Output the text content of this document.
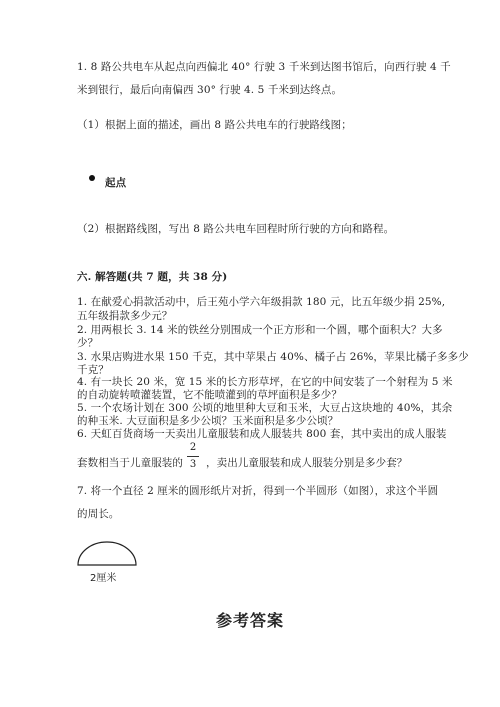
1. 8 路公共电车从起点向西偏北 40° 行驶 3 千米到达图书馆后，向西行驶 4 千
米到银行，最后向南偏西 30° 行驶 4. 5 千米到达终点。
（1）根据上面的描述，画出 8 路公共电车的行驶路线图；
起点
（2）根据路线图，写出 8 路公共电车回程时所行驶的方向和路程。
六. 解答题(共 7 题，共 38 分)
1. 在献爱心捐款活动中，后王苑小学六年级捐款 180 元，比五年级少捐 25%,
五年级捐款多少元？
2. 用两根长 3. 14 米的铁丝分别围成一个正方形和一个圆，哪个面积大？大多
少？
3. 水果店购进水果 150 千克，其中苹果占 40%、橘子占 26%，苹果比橘子多多少
千克？
4. 有一块长 20 米，宽 15 米的长方形草坪，在它的中间安装了一个射程为 5 米
的自动旋转喷灌装置，它不能喷灌到的草坪面积是多少？
5. 一个农场计划在 300 公顷的地里种大豆和玉米，大豆占这块地的 40%，其余
的种玉米. 大豆面积是多少公顷？玉米面积是多少公顷？
6. 天虹百货商场一天卖出儿童服装和成人服装共 800 套，其中卖出的成人服装
套数相当于儿童服装的
2
3 ，卖出儿童服装和成人服装分别是多少套？
7. 将一个直径 2 厘米的圆形纸片对折，得到一个半圆形（如图），求这个半圆
的周长。
2厘米
参考答案
